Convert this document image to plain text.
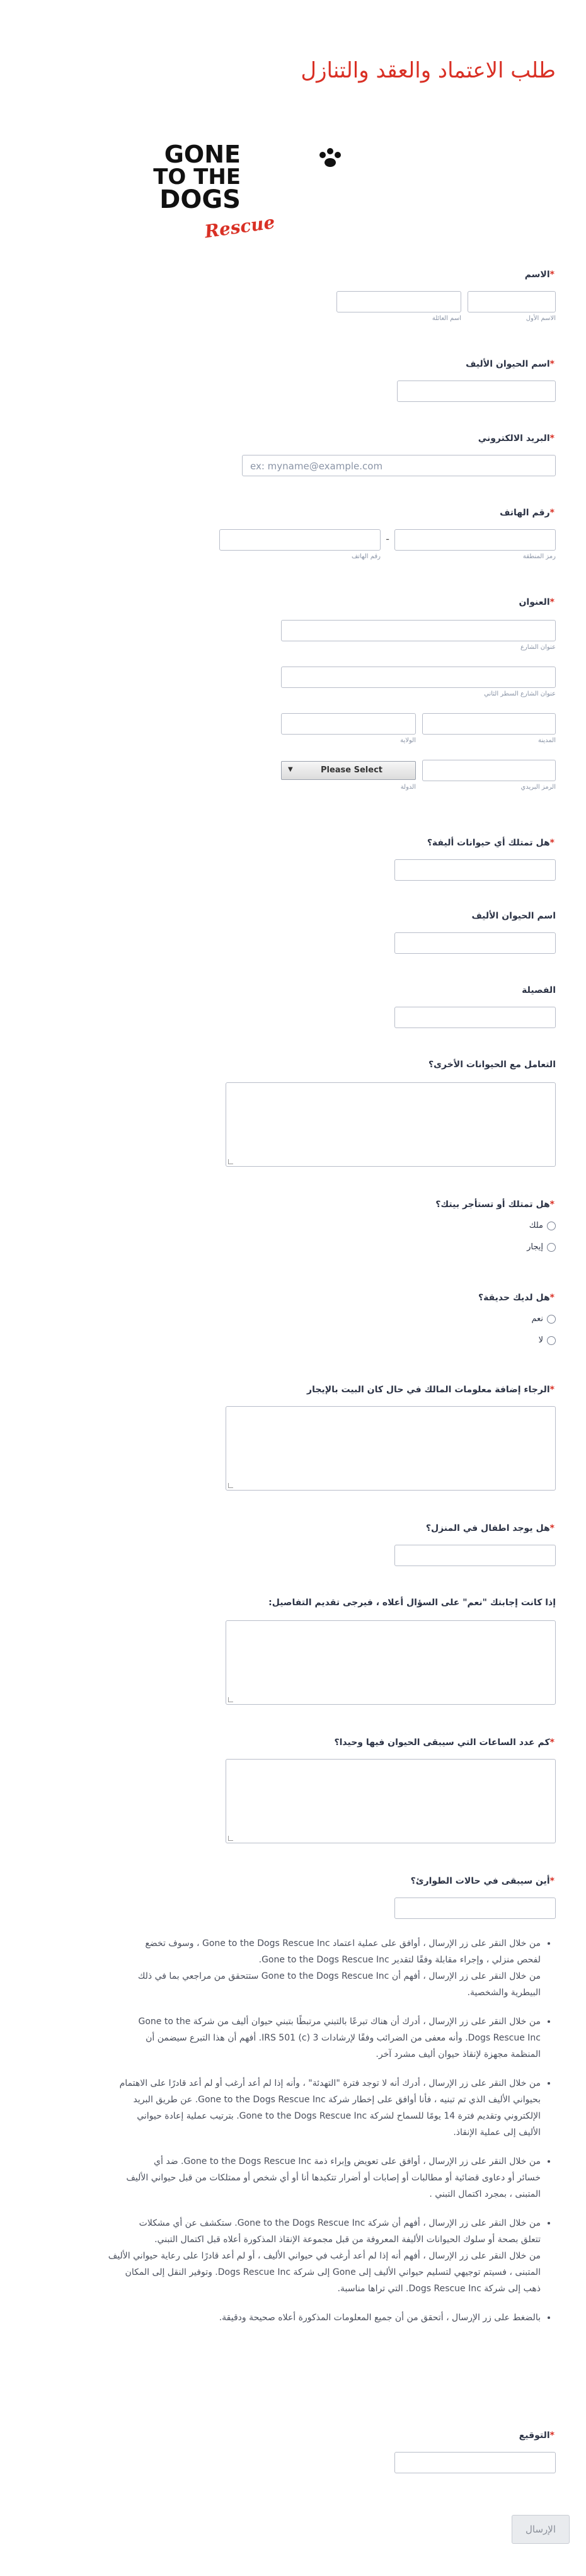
طلب الاعتماد والعقد والتنازل
GONE
TO THE
DOGS
Rescue
*الاسم
الاسم الأول
اسم العائلة
*اسم الحيوان الأليف
*البريد الالكتروني
ex: myname@example.com
*رقم الهاتف
رمز المنطقة
-
رقم الهاتف
*العنوان
عنوان الشارع
عنوان الشارع السطر الثاني
المدينة
الولاية
الرمز البريدي
Please Select
▼
الدولة
*هل تمتلك أي حيوانات أليفة؟
اسم الحيوان الأليف
الفصيلة
التعامل مع الحيوانات الأخرى؟
*هل تمتلك أو تستأجر بيتك؟
ملك
إيجار
*هل لديك حديقة؟
نعم
لا
*الرجاء إضافة معلومات المالك في حال كان البيت بالإيجار
*هل يوجد اطفال في المنزل؟
إذا كانت إجابتك "نعم" على السؤال أعلاه ، فيرجى تقديم التفاصيل:
*كم عدد الساعات التي سيبقى الحيوان فيها وحيدا؟
*أين سيبقى في حالات الطوارئ؟

• من خلال النقر على زر الإرسال ، أوافق على عملية اعتماد Gone to the Dogs Rescue Inc ، وسوف تخضع

لفحص منزلي ، وإجراء مقابلة وفقًا لتقدير Gone to the Dogs Rescue Inc.

من خلال النقر على زر الإرسال ، أفهم أن Gone to the Dogs Rescue Inc ستتحقق من مراجعي بما في ذلك

البيطرية والشخصية.

• من خلال النقر على زر الإرسال ، أدرك أن هناك تبرعًا بالتبني مرتبطًا بتبني حيوان أليف من شركة Gone to the

Dogs Rescue Inc. وأنه معفى من الضرائب وفقًا لإرشادات IRS 501 (c) 3. أفهم أن هذا التبرع سيضمن أن

المنظمة مجهزة لإنقاذ حيوان أليف مشرد آخر.

• من خلال النقر على زر الإرسال ، أدرك أنه لا توجد فترة "التهدئة" ، وأنه إذا لم أعد أرغب أو لم أعد قادرًا على الاهتمام

بحيواني الأليف الذي تم تبنيه ، فأنا أوافق على إخطار شركة Gone to the Dogs Rescue Inc. عن طريق البريد

الإلكتروني وتقديم فترة 14 يومًا للسماح لشركة Gone to the Dogs Rescue Inc. بترتيب عملية إعادة حيواني

الأليف إلى عملية الإنقاذ.

• من خلال النقر على زر الإرسال ، أوافق على تعويض وإبراء ذمة Gone to the Dogs Rescue Inc. ضد أي

خسائر أو دعاوى قضائية أو مطالبات أو إصابات أو أضرار تتكبدها أنا أو أي شخص أو ممتلكات من قبل حيواني الأليف

المتبنى ، بمجرد اكتمال التبني .

• من خلال النقر على زر الإرسال ، أفهم أن شركة Gone to the Dogs Rescue Inc. ستكشف عن أي مشكلات

تتعلق بصحة أو سلوك الحيوانات الأليفة المعروفة من قبل مجموعة الإنقاذ المذكورة أعلاه قبل اكتمال التبني.

من خلال النقر على زر الإرسال ، أفهم أنه إذا لم أعد أرغب في حيواني الأليف ، أو لم أعد قادرًا على رعاية حيواني الأليف

المتبنى ، فسيتم توجيهي لتسليم حيواني الأليف إلى Gone إلى شركة Dogs Rescue Inc. وتوفير النقل إلى المكان

ذهب إلى شركة Dogs Rescue Inc. التي تراها مناسبة.

• بالضغط على زر الإرسال ، أتحقق من أن جميع المعلومات المذكورة أعلاه صحيحة ودقيقة.

*التوقيع
الإرسال
